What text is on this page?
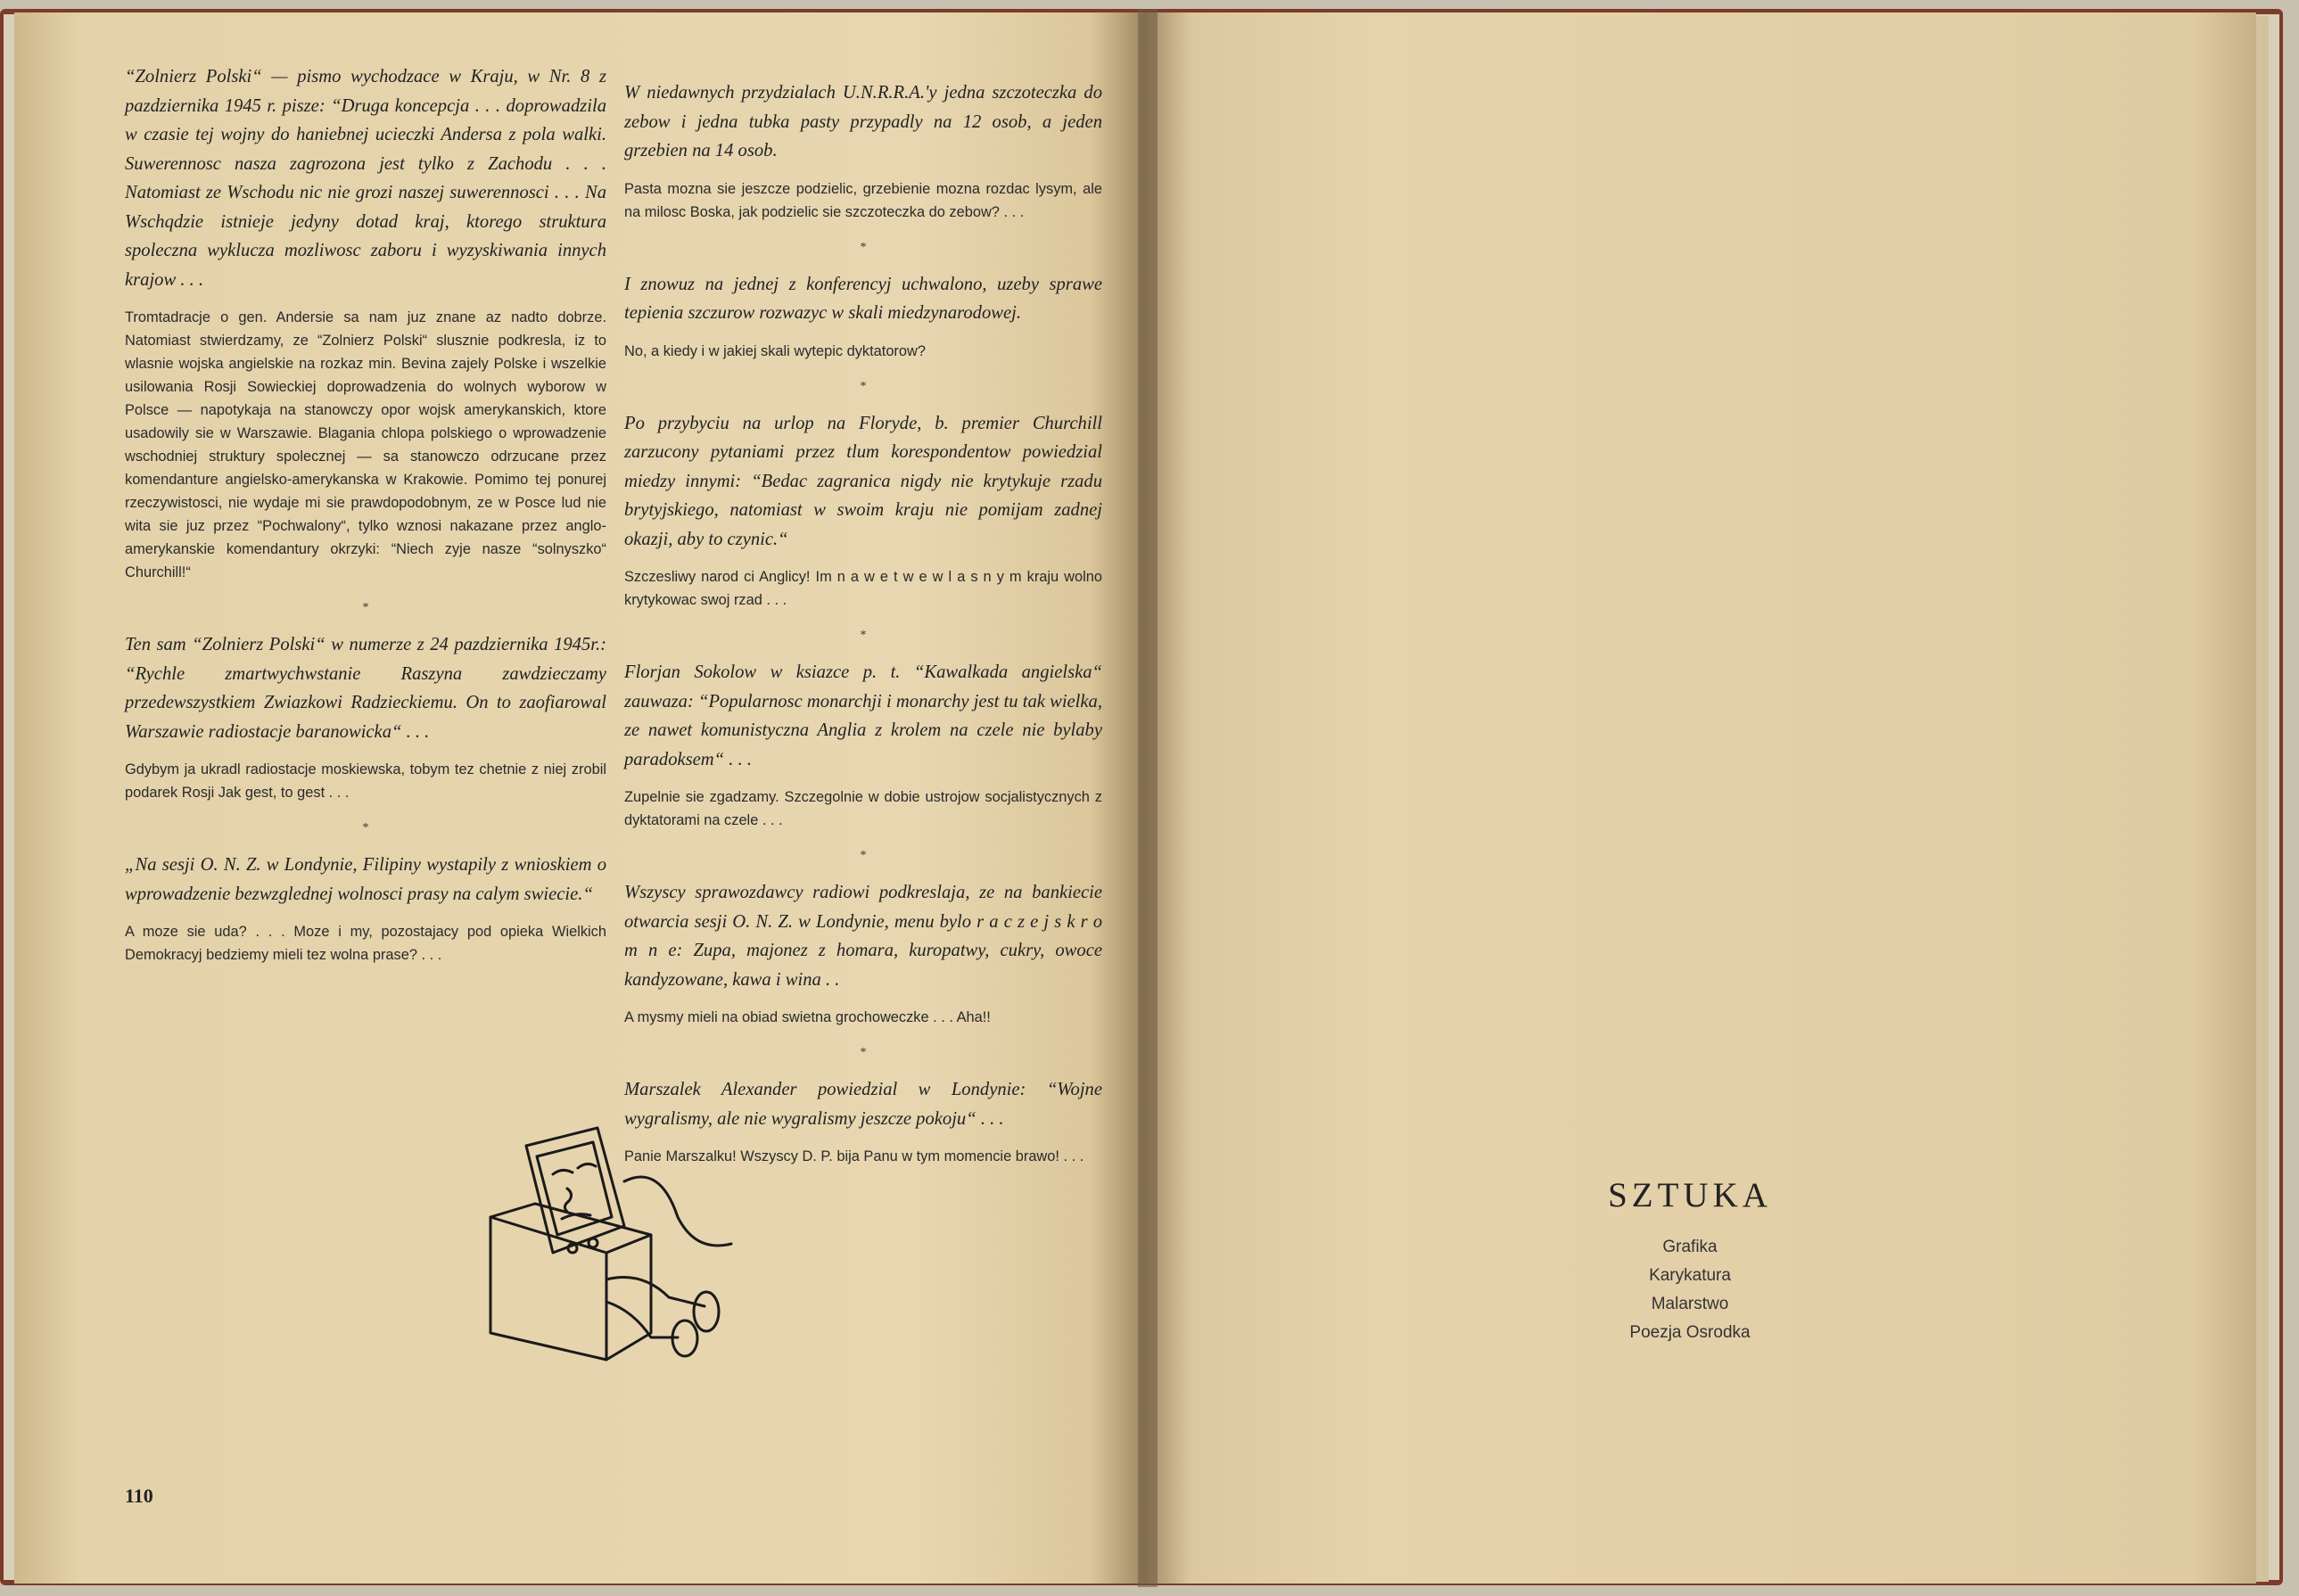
“Zolnierz Polski“ — pismo wychodzace w Kraju, w Nr. 8 z pazdziernika 1945 r. pisze: “Druga koncepcja . . . doprowadzila w czasie tej wojny do haniebnej ucieczki Andersa z pola walki. Suwerennosc nasza zagrozona jest tylko z Zachodu . . . Natomiast ze Wschodu nic nie grozi naszej suwerennosci . . . Na Wschqdzie istnieje jedyny dotad kraj, ktorego struktura spoleczna wyklucza mozliwosc zaboru i wyzyskiwania innych krajow . . .

Tromtadracje o gen. Andersie sa nam juz znane az nadto dobrze. Natomiast stwierdzamy, ze “Zolnierz Polski“ slusznie podkresla, iz to wlasnie wojska angielskie na rozkaz min. Bevina zajely Polske i wszelkie usilowania Rosji Sowieckiej doprowadzenia do wolnych wyborow w Polsce — napotykaja na stanowczy opor wojsk amerykanskich, ktore usadowily sie w Warszawie. Blagania chlopa polskiego o wprowadzenie wschodniej struktury spolecznej — sa stanowczo odrzucane przez komendanture angielsko-amerykanska w Krakowie. Pomimo tej ponurej rzeczywistosci, nie wydaje mi sie prawdopodobnym, ze w Posce lud nie wita sie juz przez “Pochwalony“, tylko wznosi nakazane przez anglo-amerykanskie komendantury okrzyki: “Niech zyje nasze “solnyszko“ Churchill!“

*

Ten sam “Zolnierz Polski“ w numerze z 24 pazdziernika 1945r.: “Rychle zmartwychwstanie Raszyna zawdzieczamy przedewszystkiem Zwiazkowi Radzieckiemu. On to zaofiarowal Warszawie radiostacje baranowicka“ . . .

Gdybym ja ukradl radiostacje moskiewska, tobym tez chetnie z niej zrobil podarek Rosji Jak gest, to gest . . .

*

„Na sesji O. N. Z. w Londynie, Filipiny wystapily z wnioskiem o wprowadzenie bezwzglednej wolnosci prasy na calym swiecie.“

A moze sie uda? . . . Moze i my, pozostajacy pod opieka Wielkich Demokracyj bedziemy mieli tez wolna prase? . . .

W niedawnych przydzialach U.N.R.R.A.'y jedna szczoteczka do zebow i jedna tubka pasty przypadly na 12 osob, a jeden grzebien na 14 osob.

Pasta mozna sie jeszcze podzielic, grzebienie mozna rozdac lysym, ale na milosc Boska, jak podzielic sie szczoteczka do zebow? . . .

*

I znowuz na jednej z konferencyj uchwalono, uzeby sprawe tepienia szczurow rozwazyc w skali miedzynarodowej.

No, a kiedy i w jakiej skali wytepic dyktatorow?

*

Po przybyciu na urlop na Floryde, b. premier Churchill zarzucony pytaniami przez tlum korespondentow powiedzial miedzy innymi: “Bedac zagranica nigdy nie krytykuje rzadu brytyjskiego, natomiast w swoim kraju nie pomijam zadnej okazji, aby to czynic.“

Szczesliwy narod ci Anglicy! Im n a w e t w e w l a s n y m kraju wolno krytykowac swoj rzad . . .

*

Florjan Sokolow w ksiazce p. t. “Kawalkada angielska“ zauwaza: “Popularnosc monarchji i monarchy jest tu tak wielka, ze nawet komunistyczna Anglia z krolem na czele nie bylaby paradoksem“ . . .

Zupelnie sie zgadzamy. Szczegolnie w dobie ustrojow socjalistycznych z dyktatorami na czele . . .

*

Wszyscy sprawozdawcy radiowi podkreslaja, ze na bankiecie otwarcia sesji O. N. Z. w Londynie, menu bylo r a c z e j s k r o m n e: Zupa, majonez z homara, kuropatwy, cukry, owoce kandyzowane, kawa i wina . .

A mysmy mieli na obiad swietna grochoweczke . . . Aha!!

*

Marszalek Alexander powiedzial w Londynie: “Wojne wygralismy, ale nie wygralismy jeszcze pokoju“ . . .

Panie Marszalku! Wszyscy D. P. bija Panu w tym momencie brawo! . . .

110
SZTUKA
Grafika
Karykatura
Malarstwo
Poezja Osrodka
